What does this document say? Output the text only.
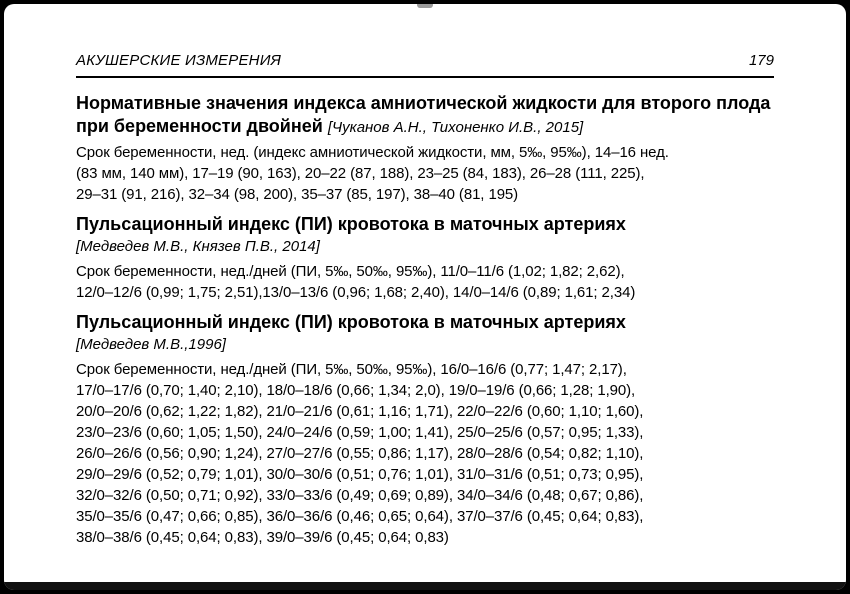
АКУШЕРСКИЕ ИЗМЕРЕНИЯ	179

Нормативные значения индекса амниотической жидкости для второго плода при беременности двойней [Чуканов А.Н., Тихоненко И.В., 2015]

Срок беременности, нед. (индекс амниотической жидкости, мм, 5‰, 95‰), 14–16 нед.
(83 мм, 140 мм), 17–19 (90, 163), 20–22 (87, 188), 23–25 (84, 183), 26–28 (111, 225),
29–31 (91, 216), 32–34 (98, 200), 35–37 (85, 197), 38–40 (81, 195)

Пульсационный индекс (ПИ) кровотока в маточных артериях

[Медведев М.В., Князев П.В., 2014]

Срок беременности, нед./дней (ПИ, 5‰, 50‰, 95‰), 11/0–11/6 (1,02; 1,82; 2,62),
12/0–12/6 (0,99; 1,75; 2,51),13/0–13/6 (0,96; 1,68; 2,40), 14/0–14/6 (0,89; 1,61; 2,34)

Пульсационный индекс (ПИ) кровотока в маточных артериях

[Медведев М.В.,1996]

Срок беременности, нед./дней (ПИ, 5‰, 50‰, 95‰), 16/0–16/6 (0,77; 1,47; 2,17),
17/0–17/6 (0,70; 1,40; 2,10), 18/0–18/6 (0,66; 1,34; 2,0), 19/0–19/6 (0,66; 1,28; 1,90),
20/0–20/6 (0,62; 1,22; 1,82), 21/0–21/6 (0,61; 1,16; 1,71), 22/0–22/6 (0,60; 1,10; 1,60),
23/0–23/6 (0,60; 1,05; 1,50), 24/0–24/6 (0,59; 1,00; 1,41), 25/0–25/6 (0,57; 0,95; 1,33),
26/0–26/6 (0,56; 0,90; 1,24), 27/0–27/6 (0,55; 0,86; 1,17), 28/0–28/6 (0,54; 0,82; 1,10),
29/0–29/6 (0,52; 0,79; 1,01), 30/0–30/6 (0,51; 0,76; 1,01), 31/0–31/6 (0,51; 0,73; 0,95),
32/0–32/6 (0,50; 0,71; 0,92), 33/0–33/6 (0,49; 0,69; 0,89), 34/0–34/6 (0,48; 0,67; 0,86),
35/0–35/6 (0,47; 0,66; 0,85), 36/0–36/6 (0,46; 0,65; 0,64), 37/0–37/6 (0,45; 0,64; 0,83),
38/0–38/6 (0,45; 0,64; 0,83), 39/0–39/6 (0,45; 0,64; 0,83)
